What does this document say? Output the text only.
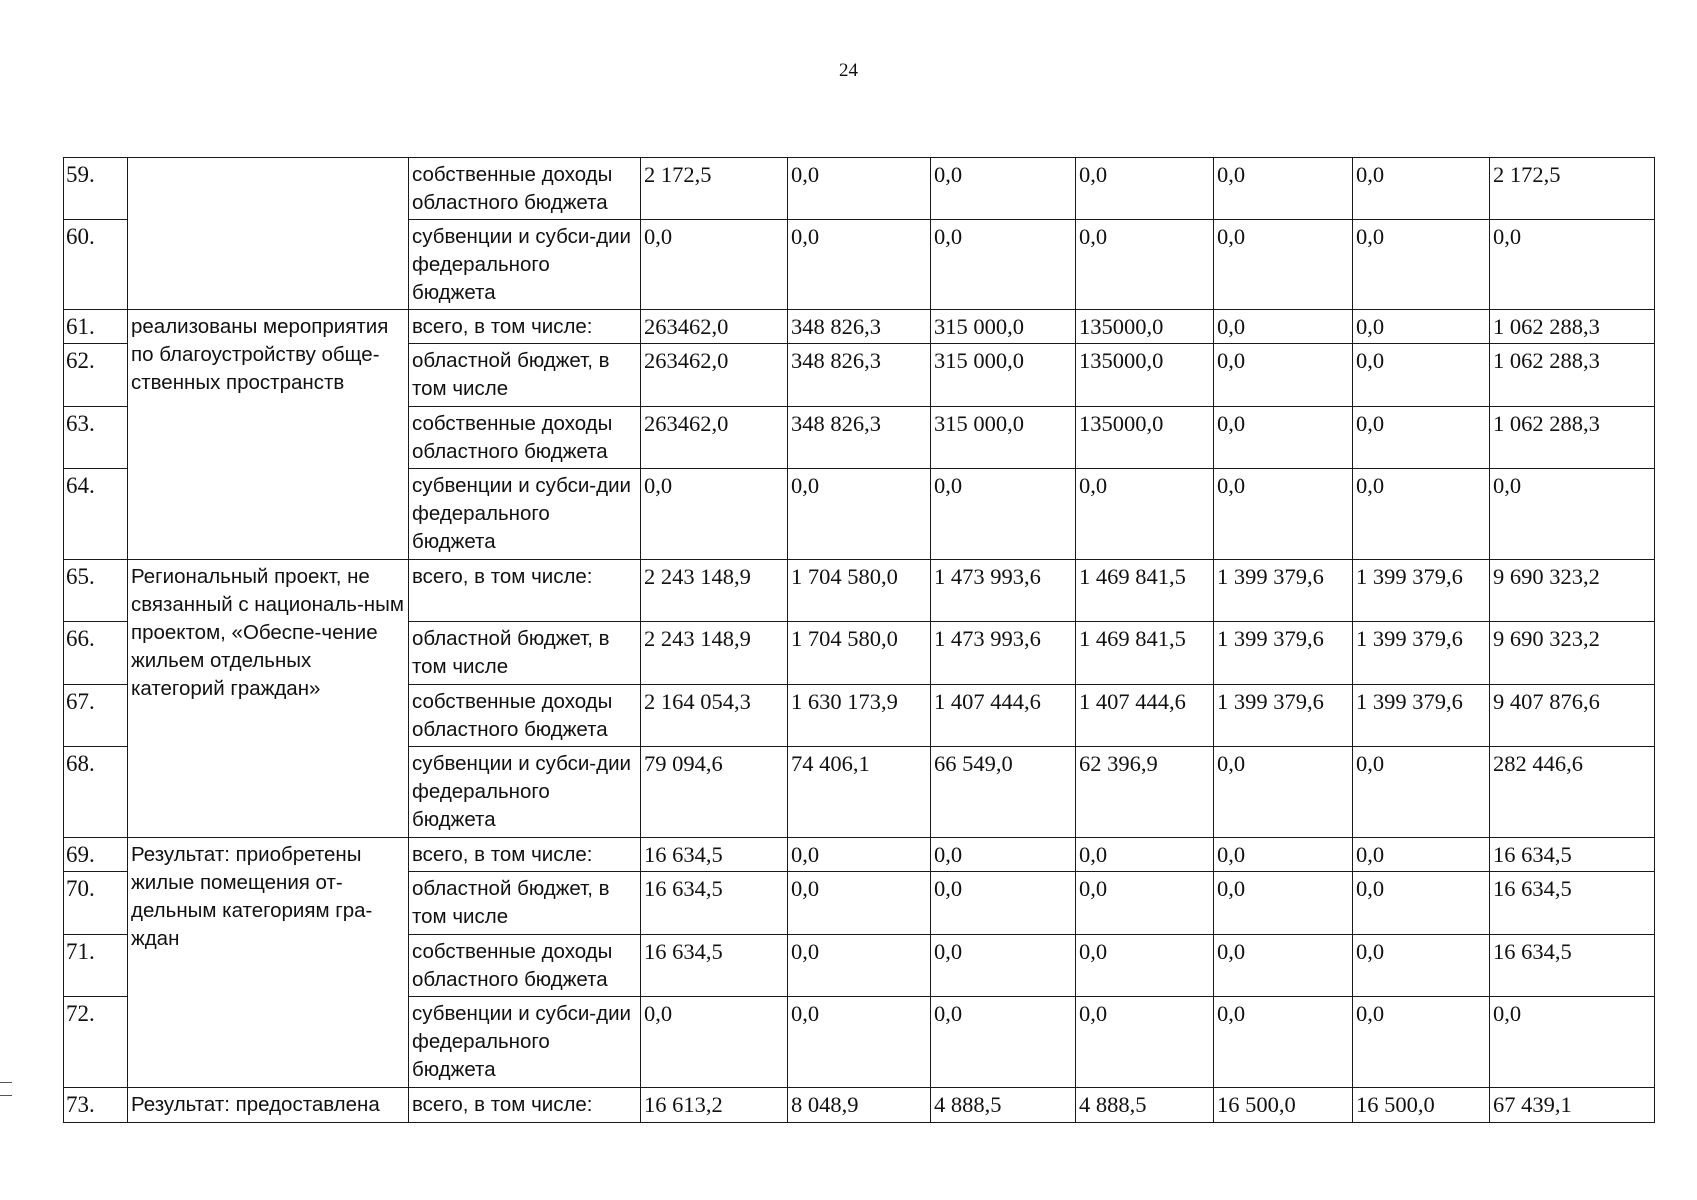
24
59.		собственные доходы областного бюджета	2 172,5	0,0	0,0	0,0	0,0	0,0	2 172,5
60.		субвенции и субси-дии федерального бюджета	0,0	0,0	0,0	0,0	0,0	0,0	0,0
61.	реализованы мероприятия по благоустройству обще-ственных пространств	всего, в том числе:	263462,0	348 826,3	315 000,0	135000,0	0,0	0,0	1 062 288,3
62.		областной бюджет, в том числе	263462,0	348 826,3	315 000,0	135000,0	0,0	0,0	1 062 288,3
63.		собственные доходы областного бюджета	263462,0	348 826,3	315 000,0	135000,0	0,0	0,0	1 062 288,3
64.		субвенции и субси-дии федерального бюджета	0,0	0,0	0,0	0,0	0,0	0,0	0,0
65.	Региональный проект, не связанный с националь-ным проектом, «Обеспе-чение жильем отдельных категорий граждан»	всего, в том числе:	2 243 148,9	1 704 580,0	1 473 993,6	1 469 841,5	1 399 379,6	1 399 379,6	9 690 323,2
66.		областной бюджет, в том числе	2 243 148,9	1 704 580,0	1 473 993,6	1 469 841,5	1 399 379,6	1 399 379,6	9 690 323,2
67.		собственные доходы областного бюджета	2 164 054,3	1 630 173,9	1 407 444,6	1 407 444,6	1 399 379,6	1 399 379,6	9 407 876,6
68.		субвенции и субси-дии федерального бюджета	79 094,6	74 406,1	66 549,0	62 396,9	0,0	0,0	282 446,6
69.	Результат: приобретены жилые помещения от-дельным категориям гра-ждан	всего, в том числе:	16 634,5	0,0	0,0	0,0	0,0	0,0	16 634,5
70.		областной бюджет, в том числе	16 634,5	0,0	0,0	0,0	0,0	0,0	16 634,5
71.		собственные доходы областного бюджета	16 634,5	0,0	0,0	0,0	0,0	0,0	16 634,5
72.		субвенции и субси-дии федерального бюджета	0,0	0,0	0,0	0,0	0,0	0,0	0,0
73.	Результат: предоставлена	всего, в том числе:	16 613,2	8 048,9	4 888,5	4 888,5	16 500,0	16 500,0	67 439,1
